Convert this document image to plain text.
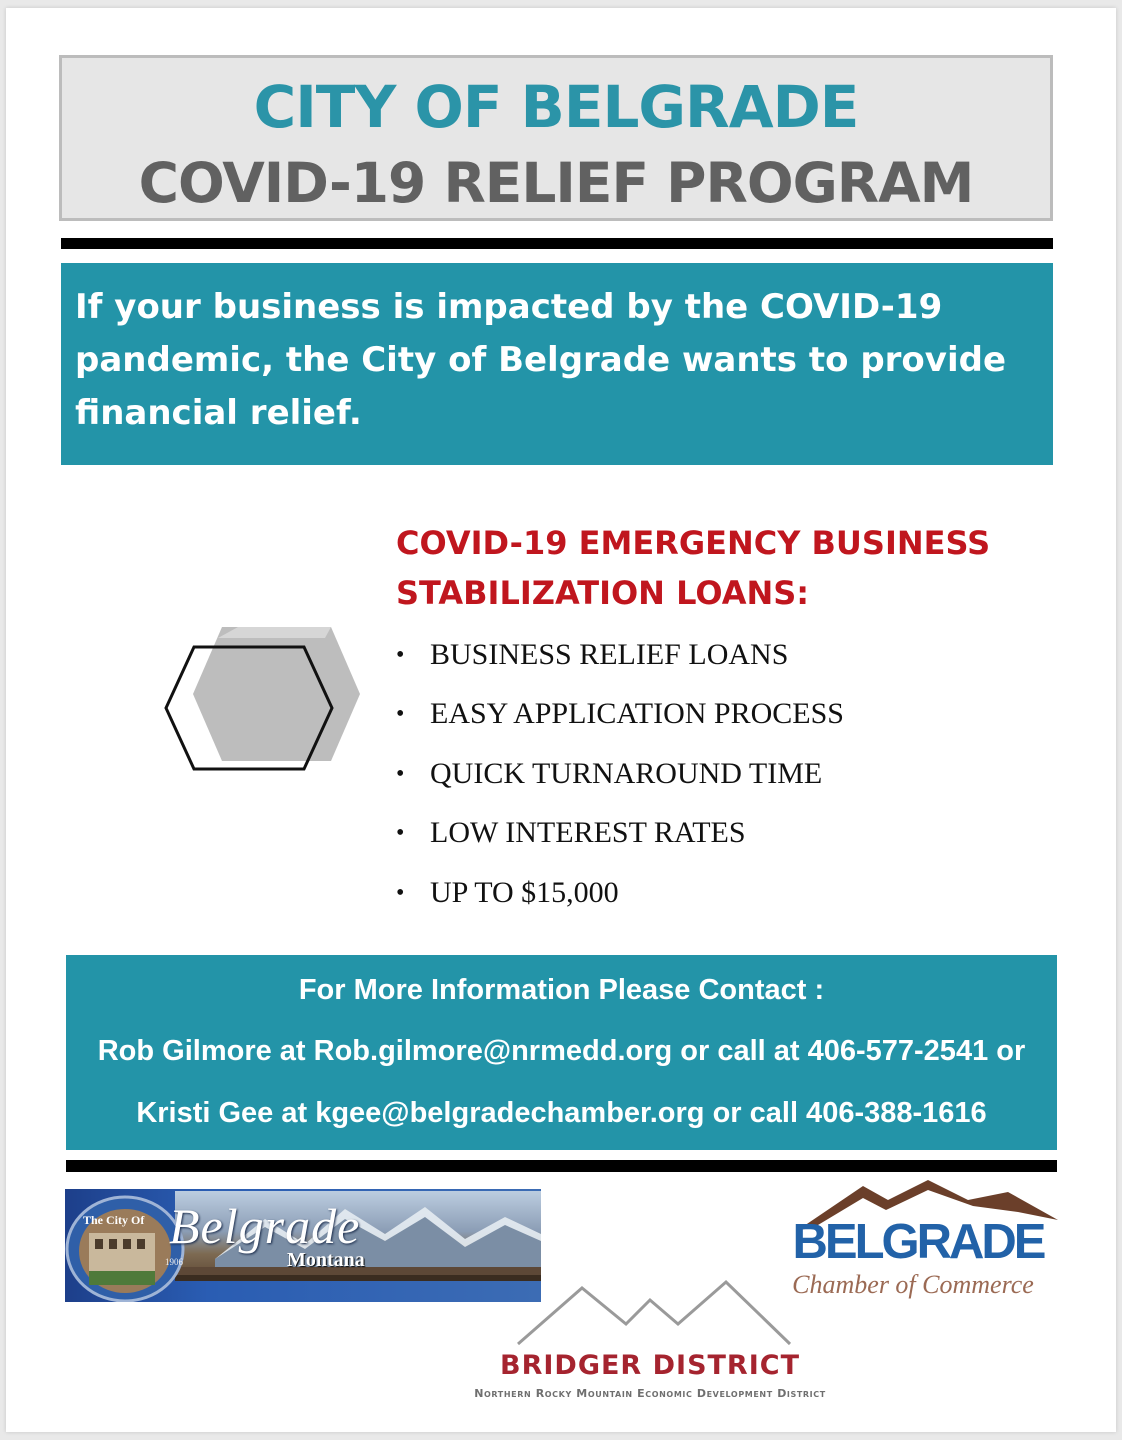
CITY OF BELGRADE
COVID-19 RELIEF PROGRAM

If your business is impacted by the COVID-19 pandemic, the City of Belgrade wants to provide financial relief.

COVID-19 EMERGENCY BUSINESS STABILIZATION LOANS:
• BUSINESS RELIEF LOANS
• EASY APPLICATION PROCESS
• QUICK TURNAROUND TIME
• LOW INTEREST RATES
• UP TO $15,000
For More Information Please Contact :
Rob Gilmore at Rob.gilmore@nrmedd.org or call at 406-577-2541 or
Kristi Gee at kgee@belgradechamber.org or call 406-388-1616
The City Of Belgrade
Montana
1906	BELGRADE
Chamber of Commerce
BRIDGER DISTRICT
Northern Rocky Mountain Economic Development District
